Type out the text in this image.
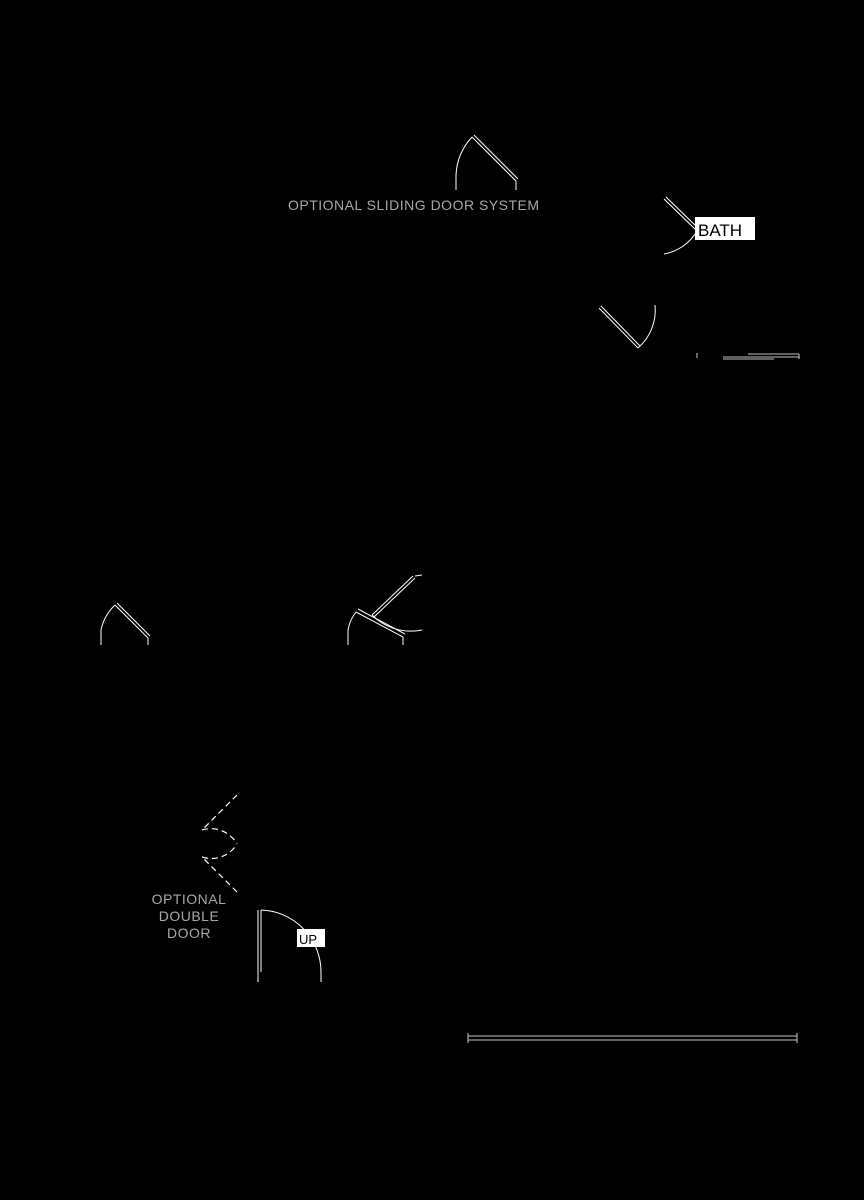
OPTIONAL SLIDING DOOR SYSTEM
BATH
OPTIONAL
DOUBLE
DOOR	UP
